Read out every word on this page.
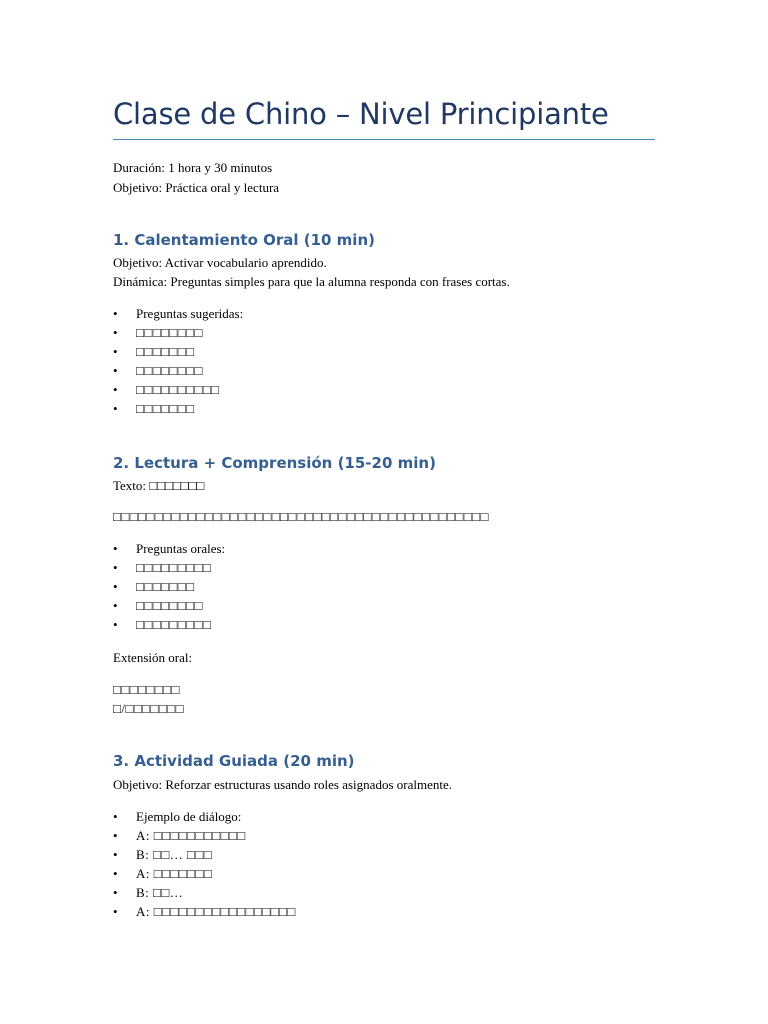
Clase de Chino – Nivel Principiante

Duración: 1 hora y 30 minutos

Objetivo: Práctica oral y lectura

1. Calentamiento Oral (10 min)

Objetivo: Activar vocabulario aprendido.

Dinámica: Preguntas simples para que la alumna responda con frases cortas.

• Preguntas sugeridas:
• □□□□□□□□
• □□□□□□□
• □□□□□□□□
• □□□□□□□□□□
• □□□□□□□
2. Lectura + Comprensión (15-20 min)

Texto: □□□□□□□

□□□□□□□□□□□□□□□□□□□□□□□□□□□□□□□□□□□□□□□□□□□□□

• Preguntas orales:
• □□□□□□□□□
• □□□□□□□
• □□□□□□□□
• □□□□□□□□□

Extensión oral:

□□□□□□□□

□/□□□□□□□

3. Actividad Guiada (20 min)

Objetivo: Reforzar estructuras usando roles asignados oralmente.

• Ejemplo de diálogo:
• A: □□□□□□□□□□□
• B: □□… □□□
• A: □□□□□□□
• B: □□…
• A: □□□□□□□□□□□□□□□□□
